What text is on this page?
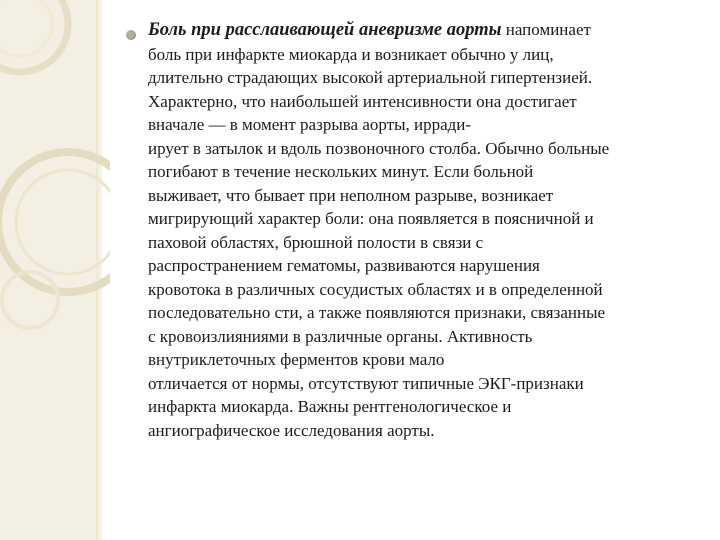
Боль при расслаивающей аневризме аорты напоминает
боль при инфаркте миокарда и возникает обычно у лиц,
длительно страдающих высокой артериальной гипертензией.
Характерно, что наибольшей интенсивности она достигает
вначале — в момент разрыва аорты, ирради-
ирует в затылок и вдоль позвоночного столба. Обычно больные
погибают в течение нескольких минут. Если больной
выживает, что бывает при неполном разрыве, возникает
мигрирующий характер боли: она появляется в поясничной и
паховой областях, брюшной полости в связи с
распространением гематомы, развиваются нарушения
кровотока в различных сосудистых областях и в определенной
последовательно сти, а также появляются признаки, связанные
с кровоизлияниями в различные органы. Активность
внутриклеточных ферментов крови мало
отличается от нормы, отсутствуют типичные ЭКГ-признаки
инфаркта миокарда. Важны рентгенологическое и
ангиографическое исследования аорты.
